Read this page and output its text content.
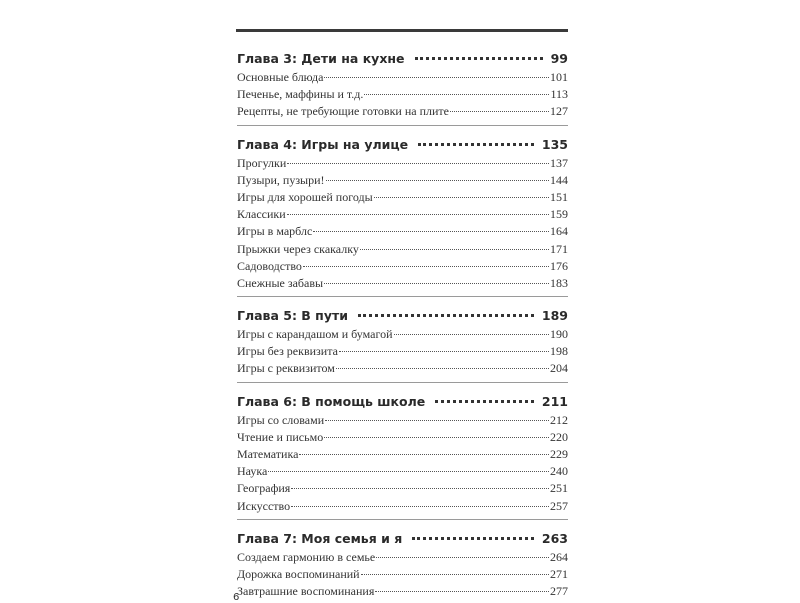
Глава 3: Дети на кухне	99
Основные блюда	101
Печенье, маффины и т.д.	113
Рецепты, не требующие готовки на плите	127
Глава 4: Игры на улице	135
Прогулки	137
Пузыри, пузыри!	144
Игры для хорошей погоды	151
Классики	159
Игры в марблс	164
Прыжки через скакалку	171
Садоводство	176
Снежные забавы	183
Глава 5: В пути	189
Игры с карандашом и бумагой	190
Игры без реквизита	198
Игры с реквизитом	204
Глава 6: В помощь школе	211
Игры со словами	212
Чтение и письмо	220
Математика	229
Наука	240
География	251
Искусство	257
Глава 7: Моя семья и я	263
Создаем гармонию в семье	264
Дорожка воспоминаний	271
Завтрашние воспоминания	277
6
